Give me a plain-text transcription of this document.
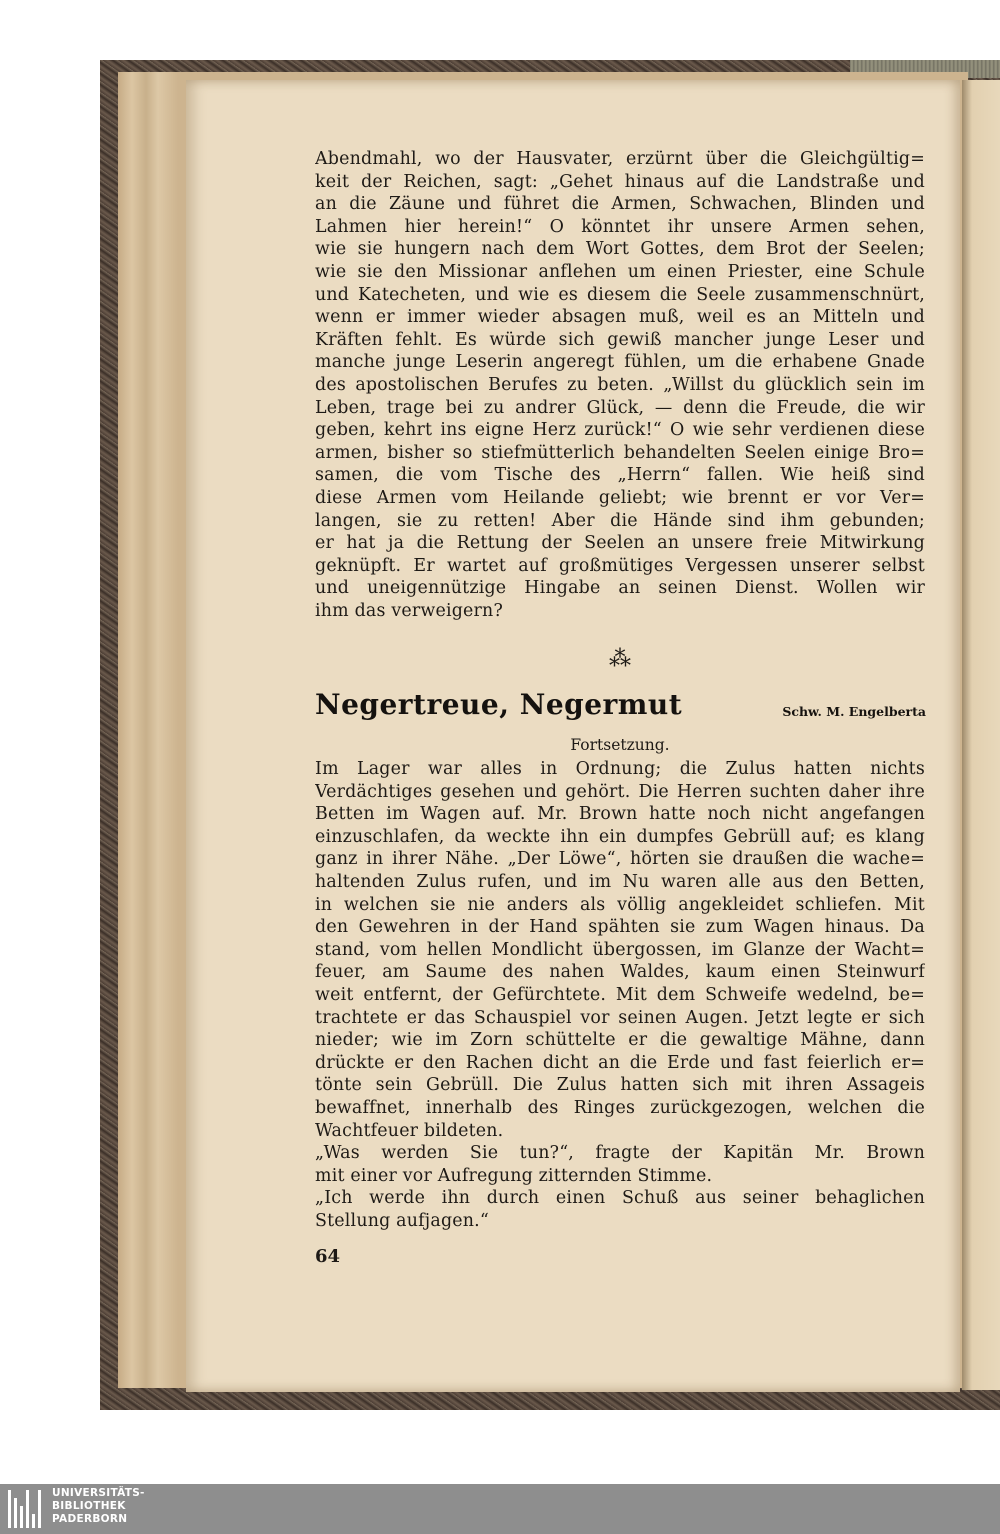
Abendmahl, wo der Hausvater, erzürnt über die Gleichgültig=
keit der Reichen, sagt: „Gehet hinaus auf die Landstraße und
an die Zäune und führet die Armen, Schwachen, Blinden und
Lahmen hier herein!“ O könntet ihr unsere Armen sehen,
wie sie hungern nach dem Wort Gottes, dem Brot der Seelen;
wie sie den Missionar anflehen um einen Priester, eine Schule
und Katecheten, und wie es diesem die Seele zusammenschnürt,
wenn er immer wieder absagen muß, weil es an Mitteln und
Kräften fehlt. Es würde sich gewiß mancher junge Leser und
manche junge Leserin angeregt fühlen, um die erhabene Gnade
des apostolischen Berufes zu beten. „Willst du glücklich sein im
Leben, trage bei zu andrer Glück, — denn die Freude, die wir
geben, kehrt ins eigne Herz zurück!“ O wie sehr verdienen diese
armen, bisher so stiefmütterlich behandelten Seelen einige Bro=
samen, die vom Tische des „Herrn“ fallen. Wie heiß sind
diese Armen vom Heilande geliebt; wie brennt er vor Ver=
langen, sie zu retten! Aber die Hände sind ihm gebunden;
er hat ja die Rettung der Seelen an unsere freie Mitwirkung
geknüpft. Er wartet auf großmütiges Vergessen unserer selbst
und uneigennützige Hingabe an seinen Dienst. Wollen wir
ihm das verweigern?
⁂
Negertreue, Negermut	Schw. M. Engelberta
Fortsetzung.
Im Lager war alles in Ordnung; die Zulus hatten nichts
Verdächtiges gesehen und gehört. Die Herren suchten daher ihre
Betten im Wagen auf. Mr. Brown hatte noch nicht angefangen
einzuschlafen, da weckte ihn ein dumpfes Gebrüll auf; es klang
ganz in ihrer Nähe. „Der Löwe“, hörten sie draußen die wache=
haltenden Zulus rufen, und im Nu waren alle aus den Betten,
in welchen sie nie anders als völlig angekleidet schliefen. Mit
den Gewehren in der Hand spähten sie zum Wagen hinaus. Da
stand, vom hellen Mondlicht übergossen, im Glanze der Wacht=
feuer, am Saume des nahen Waldes, kaum einen Steinwurf
weit entfernt, der Gefürchtete. Mit dem Schweife wedelnd, be=
trachtete er das Schauspiel vor seinen Augen. Jetzt legte er sich
nieder; wie im Zorn schüttelte er die gewaltige Mähne, dann
drückte er den Rachen dicht an die Erde und fast feierlich er=
tönte sein Gebrüll. Die Zulus hatten sich mit ihren Assageis
bewaffnet, innerhalb des Ringes zurückgezogen, welchen die
Wachtfeuer bildeten.
„Was werden Sie tun?“, fragte der Kapitän Mr. Brown
mit einer vor Aufregung zitternden Stimme.
„Ich werde ihn durch einen Schuß aus seiner behaglichen
Stellung aufjagen.“
64
UNIVERSITÄTS-
BIBLIOTHEK
PADERBORN
